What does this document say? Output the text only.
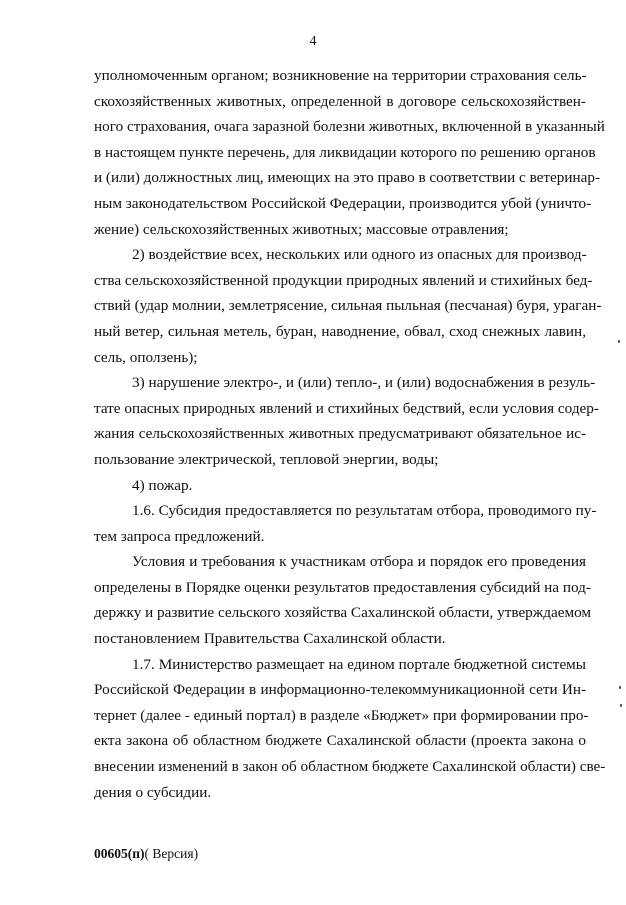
4
уполномоченным органом; возникновение на территории страхования сель-
скохозяйственных животных, определенной в договоре сельскохозяйствен-
ного страхования, очага заразной болезни животных, включенной в указанный
в настоящем пункте перечень, для ликвидации которого по решению органов
и (или) должностных лиц, имеющих на это право в соответствии с ветеринар-
ным законодательством Российской Федерации, производится убой (уничто-
жение) сельскохозяйственных животных; массовые отравления;
2) воздействие всех, нескольких или одного из опасных для производ-
ства сельскохозяйственной продукции природных явлений и стихийных бед-
ствий (удар молнии, землетрясение, сильная пыльная (песчаная) буря, ураган-
ный ветер, сильная метель, буран, наводнение, обвал, сход снежных лавин,
сель, оползень);
3) нарушение электро-, и (или) тепло-, и (или) водоснабжения в резуль-
тате опасных природных явлений и стихийных бедствий, если условия содер-
жания сельскохозяйственных животных предусматривают обязательное ис-
пользование электрической, тепловой энергии, воды;
4) пожар.
1.6. Субсидия предоставляется по результатам отбора, проводимого пу-
тем запроса предложений.
Условия и требования к участникам отбора и порядок его проведения
определены в Порядке оценки результатов предоставления субсидий на под-
держку и развитие сельского хозяйства Сахалинской области, утверждаемом
постановлением Правительства Сахалинской области.
1.7. Министерство размещает на едином портале бюджетной системы
Российской Федерации в информационно-телекоммуникационной сети Ин-
тернет (далее - единый портал) в разделе «Бюджет» при формировании про-
екта закона об областном бюджете Сахалинской области (проекта закона о
внесении изменений в закон об областном бюджете Сахалинской области) све-
дения о субсидии.
00605(п)( Версия)
